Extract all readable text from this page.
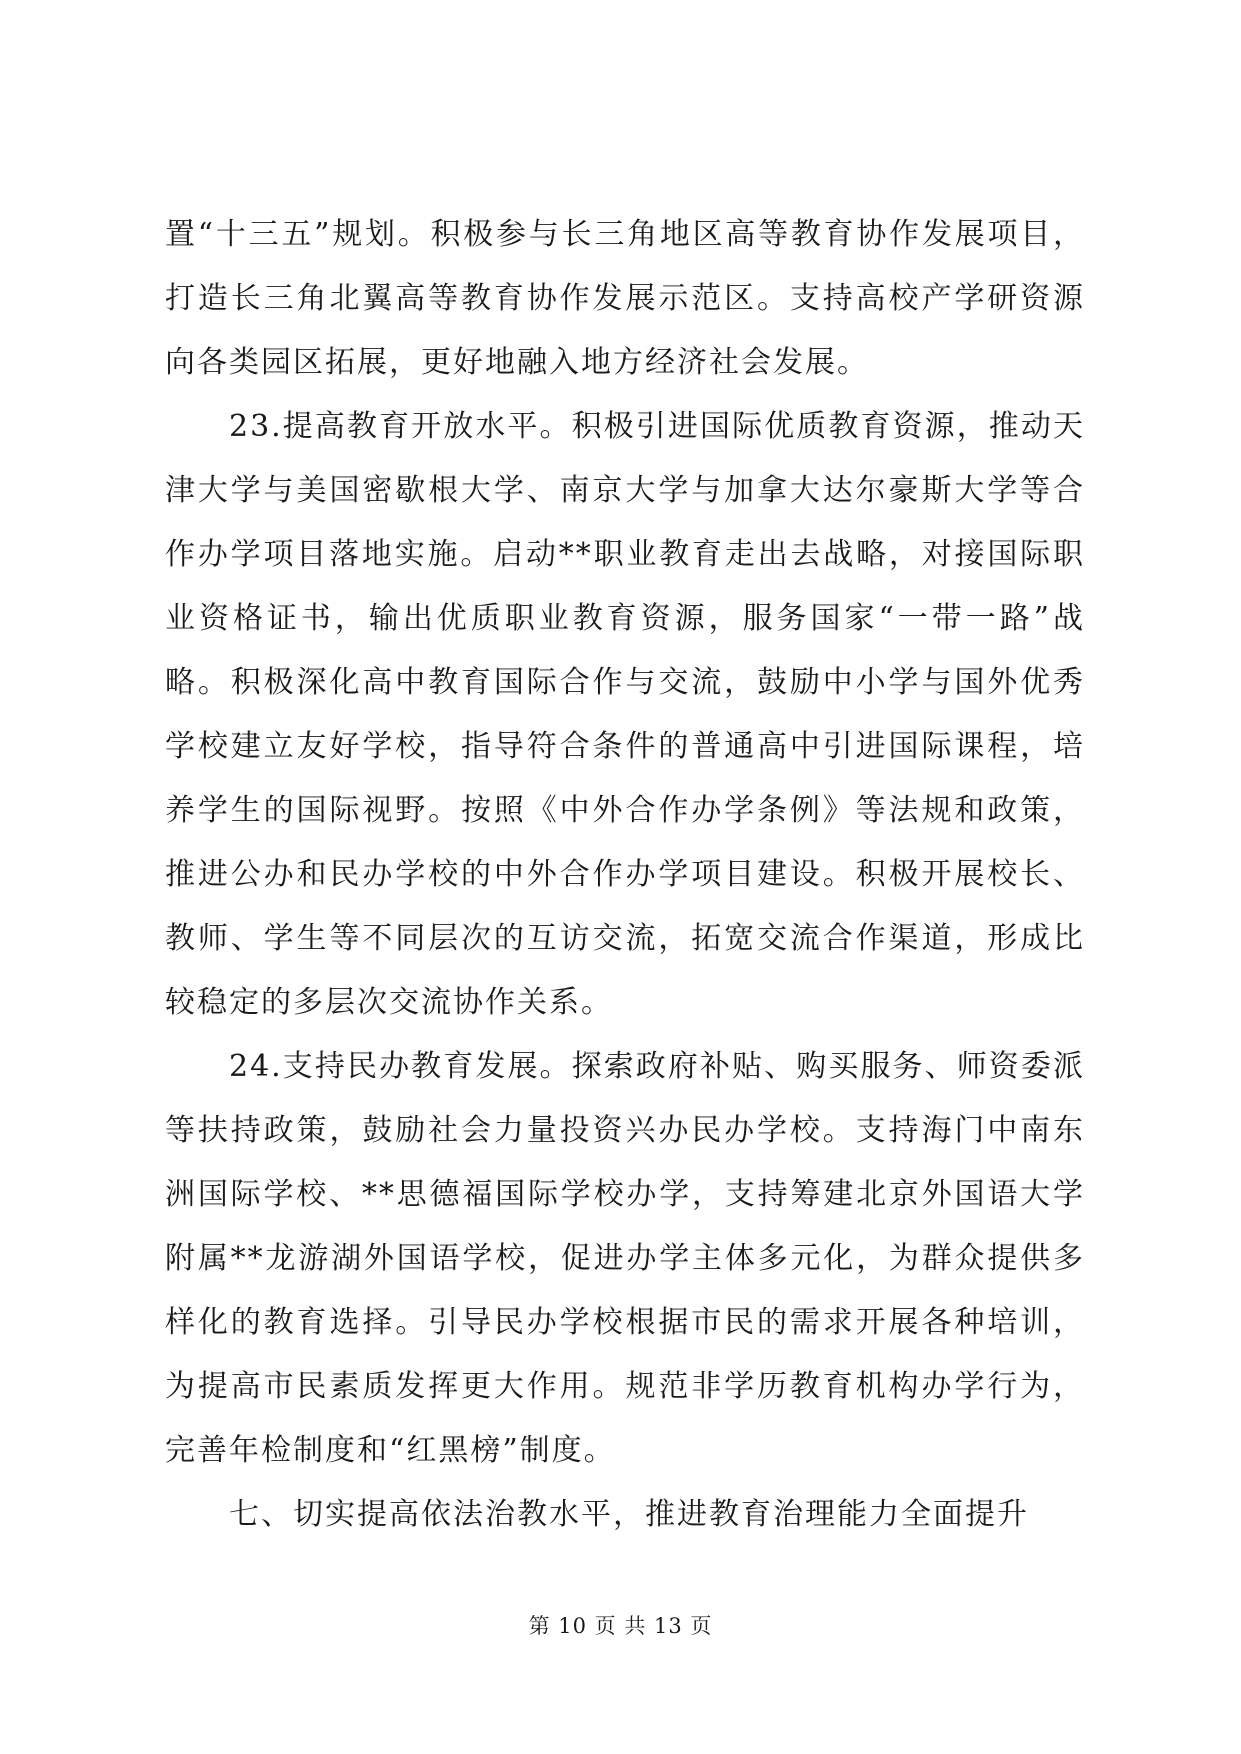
置“十三五”规划。积极参与长三角地区高等教育协作发展项目，打造长三角北翼高等教育协作发展示范区。支持高校产学研资源向各类园区拓展，更好地融入地方经济社会发展。

23.提高教育开放水平。积极引进国际优质教育资源，推动天津大学与美国密歇根大学、南京大学与加拿大达尔豪斯大学等合作办学项目落地实施。启动**职业教育走出去战略，对接国际职业资格证书，输出优质职业教育资源，服务国家“一带一路”战略。积极深化高中教育国际合作与交流，鼓励中小学与国外优秀学校建立友好学校，指导符合条件的普通高中引进国际课程，培养学生的国际视野。按照《中外合作办学条例》等法规和政策，推进公办和民办学校的中外合作办学项目建设。积极开展校长、教师、学生等不同层次的互访交流，拓宽交流合作渠道，形成比较稳定的多层次交流协作关系。

24.支持民办教育发展。探索政府补贴、购买服务、师资委派等扶持政策，鼓励社会力量投资兴办民办学校。支持海门中南东洲国际学校、**思德福国际学校办学，支持筹建北京外国语大学附属**龙游湖外国语学校，促进办学主体多元化，为群众提供多样化的教育选择。引导民办学校根据市民的需求开展各种培训，为提高市民素质发挥更大作用。规范非学历教育机构办学行为，完善年检制度和“红黑榜”制度。

七、切实提高依法治教水平，推进教育治理能力全面提升

第 10 页 共 13 页
